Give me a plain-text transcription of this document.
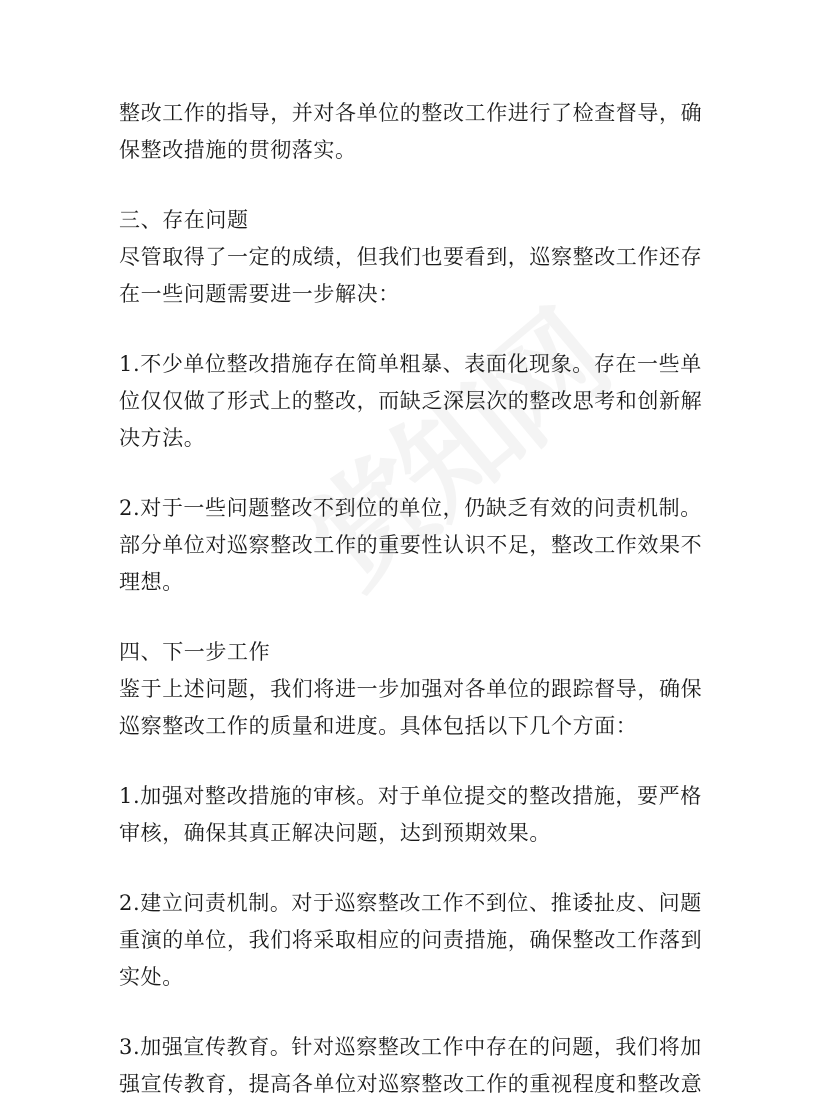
整改工作的指导，并对各单位的整改工作进行了检查督导，确保整改措施的贯彻落实。

三、存在问题

尽管取得了一定的成绩，但我们也要看到，巡察整改工作还存在一些问题需要进一步解决：

1.不少单位整改措施存在简单粗暴、表面化现象。存在一些单位仅仅做了形式上的整改，而缺乏深层次的整改思考和创新解决方法。

2.对于一些问题整改不到位的单位，仍缺乏有效的问责机制。部分单位对巡察整改工作的重要性认识不足，整改工作效果不理想。

四、下一步工作

鉴于上述问题，我们将进一步加强对各单位的跟踪督导，确保巡察整改工作的质量和进度。具体包括以下几个方面：

1.加强对整改措施的审核。对于单位提交的整改措施，要严格审核，确保其真正解决问题，达到预期效果。

2.建立问责机制。对于巡察整改工作不到位、推诿扯皮、问题重演的单位，我们将采取相应的问责措施，确保整改工作落到实处。

3.加强宣传教育。针对巡察整改工作中存在的问题，我们将加强宣传教育，提高各单位对巡察整改工作的重视程度和整改意
